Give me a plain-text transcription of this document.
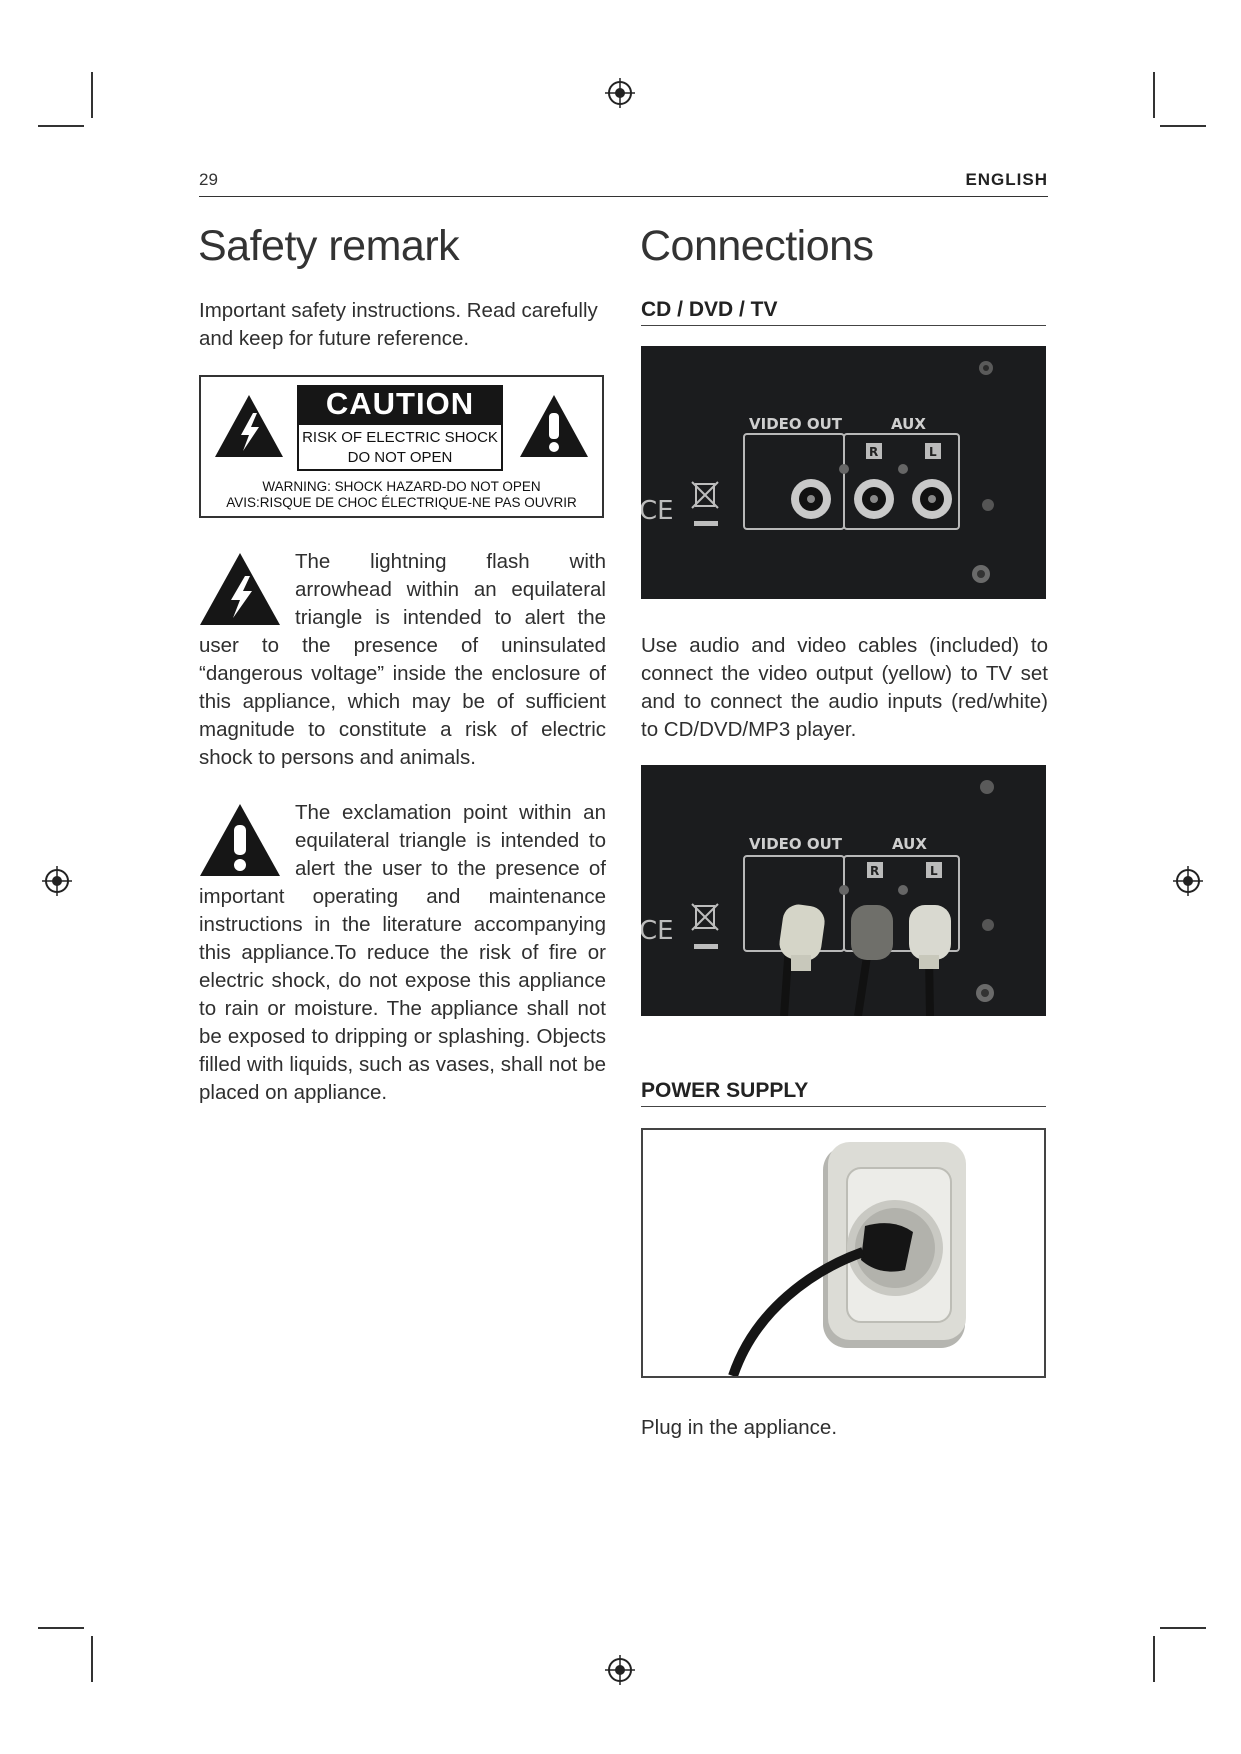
29	ENGLISH
Safety remark

Important safety instructions. Read carefully and keep for future reference.

CAUTION
RISK OF ELECTRIC SHOCK
DO NOT OPEN
WARNING: SHOCK HAZARD-DO NOT OPEN
AVIS:RISQUE DE CHOC ÉLECTRIQUE-NE PAS OUVRIR

The lightning flash with arrowhead within an equilateral triangle is intended to alert the user to the presence of uninsulated “dangerous voltage” inside the enclosure of this appliance, which may be of sufficient magnitude to constitute a risk of electric shock to persons and animals.

The exclamation point within an equilateral triangle is intended to alert the user to the presence of important operating and maintenance instructions in the literature accompanying this appliance.To reduce the risk of fire or electric shock, do not expose this appliance to rain or moisture. The appliance shall not be exposed to dripping or splashing. Objects filled with liquids, such as vases, shall not be placed on appliance.

Connections
CD / DVD / TV
VIDEO OUT	AUX
R	L
CE

Use audio and video cables (included) to connect the video output (yellow) to TV set and to connect the audio inputs (red/white) to CD/DVD/MP3 player.

VIDEO OUT	AUX
R	L
CE
POWER SUPPLY

Plug in the appliance.
